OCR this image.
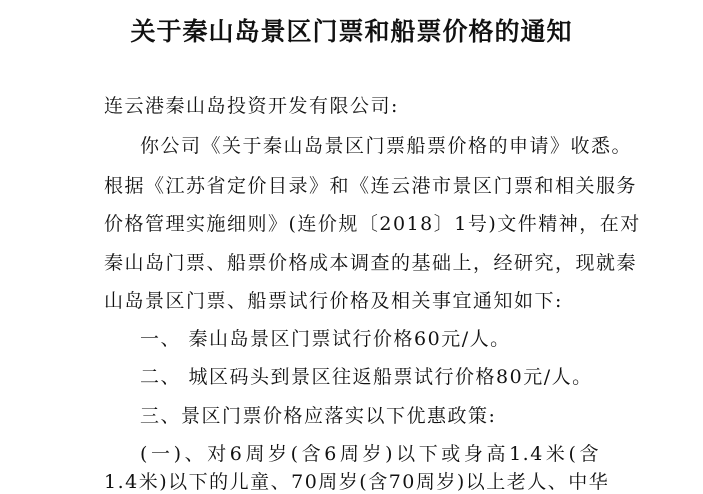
关于秦山岛景区门票和船票价格的通知
连云港秦山岛投资开发有限公司:
你公司《关于秦山岛景区门票船票价格的申请》收悉。
根据《江苏省定价目录》和《连云港市景区门票和相关服务
价格管理实施细则》(连价规〔2018〕1号)文件精神，在对
秦山岛门票、船票价格成本调查的基础上，经研究，现就秦
山岛景区门票、船票试行价格及相关事宜通知如下:
一、 秦山岛景区门票试行价格60元/人。
二、 城区码头到景区往返船票试行价格80元/人。
三、景区门票价格应落实以下优惠政策:
(一)、对6周岁(含6周岁)以下或身高1.4米(含
1.4米)以下的儿童、70周岁(含70周岁)以上老人、中华
